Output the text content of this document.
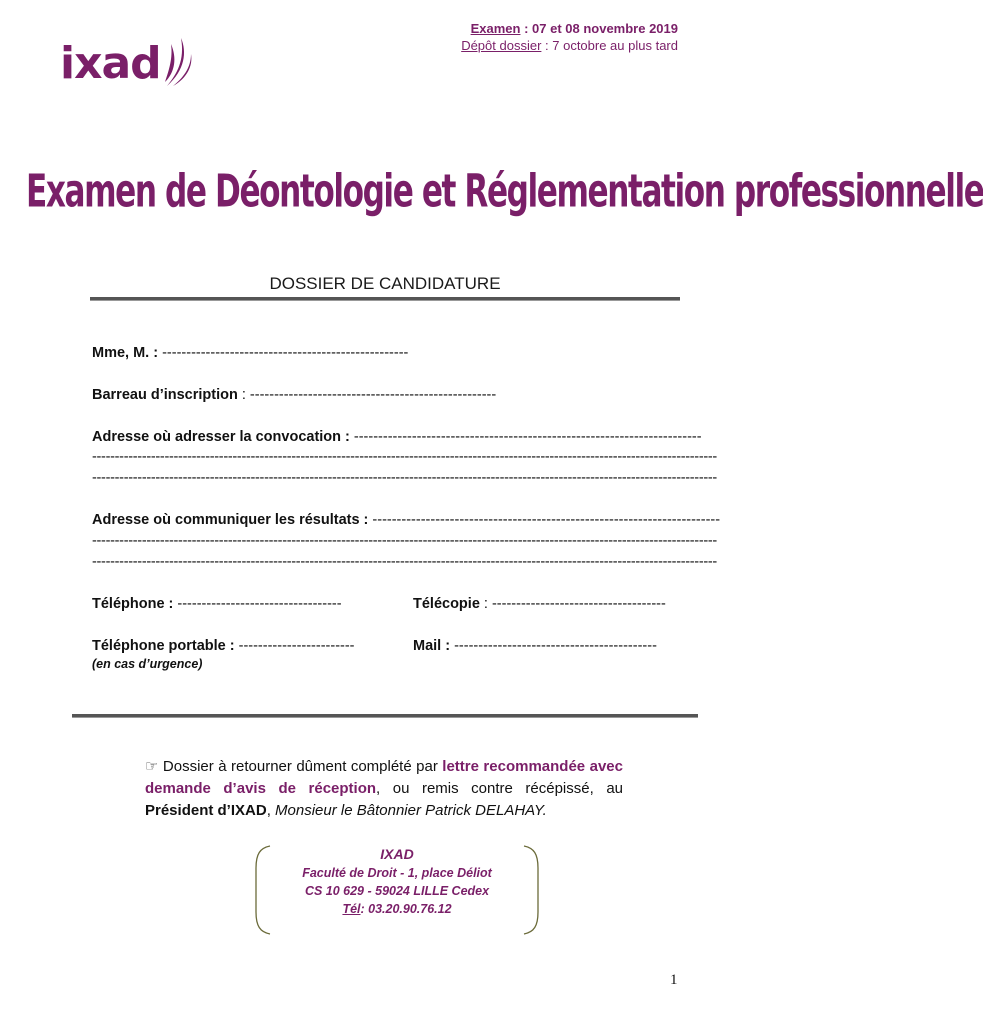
Examen : 07 et 08 novembre 2019
Dépôt dossier : 7 octobre au plus tard
ixad
Examen de Déontologie et Réglementation professionnelle
DOSSIER DE CANDIDATURE
Mme, M. : ---------------------------------------------------
Barreau d’inscription : ---------------------------------------------------
Adresse où adresser la convocation : ------------------------------------------------------------------------
------------------------------------------------------------------------------------------------------------------------------------------
------------------------------------------------------------------------------------------------------------------------------------------
Adresse où communiquer les résultats : ------------------------------------------------------------------------
------------------------------------------------------------------------------------------------------------------------------------------
------------------------------------------------------------------------------------------------------------------------------------------
Téléphone : ----------------------------------	Télécopie : ------------------------------------
Téléphone portable : ------------------------	Mail : ------------------------------------------
(en cas d’urgence)
☞ Dossier à retourner dûment complété par lettre recommandée avec demande d’avis de réception, ou remis contre récépissé, au Président d’IXAD, Monsieur le Bâtonnier Patrick DELAHAY.
IXAD
Faculté de Droit - 1, place Déliot
CS 10 629 - 59024 LILLE Cedex
Tél: 03.20.90.76.12
1
